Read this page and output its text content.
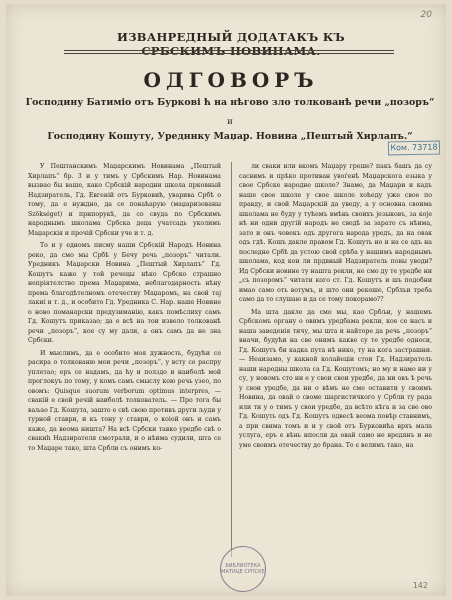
20
ИЗВАНРЕДНЫЙ ДОДАТАКЪ КЪ СРБСКИМЪ НОВИНАМА.
ОДГОВОРЪ
Господину Батиміо отъ Буркові ћ на нѣгово зло толкованѣ речи „позоръ“
и
Господину Кошуту, Уредннку Маџар. Новина „Пештый Хирлапъ.“
Ком. 73718

У Пештанскимъ Маџарскимъ Новинама „Пештый Хирлапъ“ бр. 3 и у тимъ у Србскимъ Нар. Новинама вызвао бы ваше, како Србскій народни школа прковный Надзиратель, Гд. Евгеній отъ Бурковић, уварива Србѣ о тому, да е нуждно, да се понаћарую (маџаризованы Szökséget) и припорукѣ, да со свуда по Србскимъ народнымъ школама Србска деца учатсадь уколимъ Маџарскія и прочій Србски уче и т. д.

То и у едномъ писму наши Србскій Народъ Новина реко, да смо мы Србѣ у Бечу речь „позоръ“ читали. Уредникъ Маџарски Новина „Пештый Хирлапъ“ Гд. Кошутъ каже у той речецы нѣко Србско страшно непріятелство према Маџарима, неблагодарность нѣну према благодѣтелномъ отечеству Маџаромъ, на свой тај лакиі и т. д., и особито Гд. Уредника С. Нар. наше Новине о ново поманарски предузиманію, какъ помѣслиху самъ Гд. Кошутъ приказао; да е всѣ на тои извело толкованѣ речи „позоръ“, кое су му дали, а онъ самъ да не зна Србски.

И мыслимъ, да е особито моя дужность, будући се расира о толкованю мои речи „позоръ“, у всту се распру уплетао; еръ се надамъ, да ћу и полздо и наиболѣ мой проглокуъ по тому, у комъ самъ смыслу кою речь узео, по овомъ: Quisque suorum verborum optimus interpres, — свакій е свой речій наиболѣ толкователь. — Про тога бы ваљао Гд. Кошута, зашто е свѣ свою противъ други људи у турной ставри, и къ тону у ставри, о коіой онъ и самъ каже, да веома ништа? На всѣ Србски тавко уредбе свѣ о свакиһ Надзирателя смотрали, и о нѣима судили, шта се то Маџаре тако, шта Србли съ онимъ ко-

ли сваки или вкомъ Маџару греше? пакъ башъ да су сасвимъ и прѣко противан увоѓенѣ Маџарскога езыка у свое Србске народне школе? Знамо, да Маџари и кадъ наше свое школе у свое школе хоћеду уже свое по правду, и свой Маџарскій да уведу, а у основна своима школама не буду у тућемъ вмѣнь своихъ језыковъ, за које нѣ ни одни другій народъ не сведѣ за зарато съ нѣима, зато и онъ човекъ одъ другога народа уредъ, да на овак одъ гдѣ. Кошъ дакле правом Гд. Кошуть но и на се адъ на последне Србѣ да устою свой срѣба у нашимъ народнымъ школама, код кои ли прдвный Надзиратель повы уводи? Ид Србски новинe ту нашта рекли, не смо ду те уредбе ни „съ позоромъ“ читати кого ст. Гд. Кошутъ и шъ подобни имао само оть вотумъ, и што они рекоше, Србльи треба само да то слушаю и да се тому покорамо??

Ма шта дакле да смо мы, као Србљи, у нашемъ Србскомъ органу о овимъ уредбама рекли, кое се насъ и наша заведенія тичу, мы шта и найторе да речь „позоръ“ вначи, будући на свe онимъ какве су те уредбе односи, Гд. Кошутъ би кадка пута нѣ нико, ту на кога застрашни. — Неаизамо, у какной колайецiи стои Гд. Надзиратель наши народны школа са Гд. Кошутомъ; но му и намо ни у су, у новомъ сто ни е у свои свои уредбе, да ни овъ ѣ речь у свои уредбе, да ни о вѣмъ не сме оставити у своимъ Новина, да овай о своме шаргистичкого у Србли ту рада или ти у о тимъ у свои уредбе, да всѣто кѣга и за свe ово Гд. Кошуть одъ Гд. Кошутъ одвесѣ веома повѣр ставнимъ, а при свима томъ и и у свой отъ Бурковића врхъ мала услуга, еръ е вѣнь нпосли да овай само не вредянъ и не уме своимъ отечеству до брана. То є велимъ тако, на

БИБЛИОТЕКА МАТИЦЕ СРПСКЕ
142
